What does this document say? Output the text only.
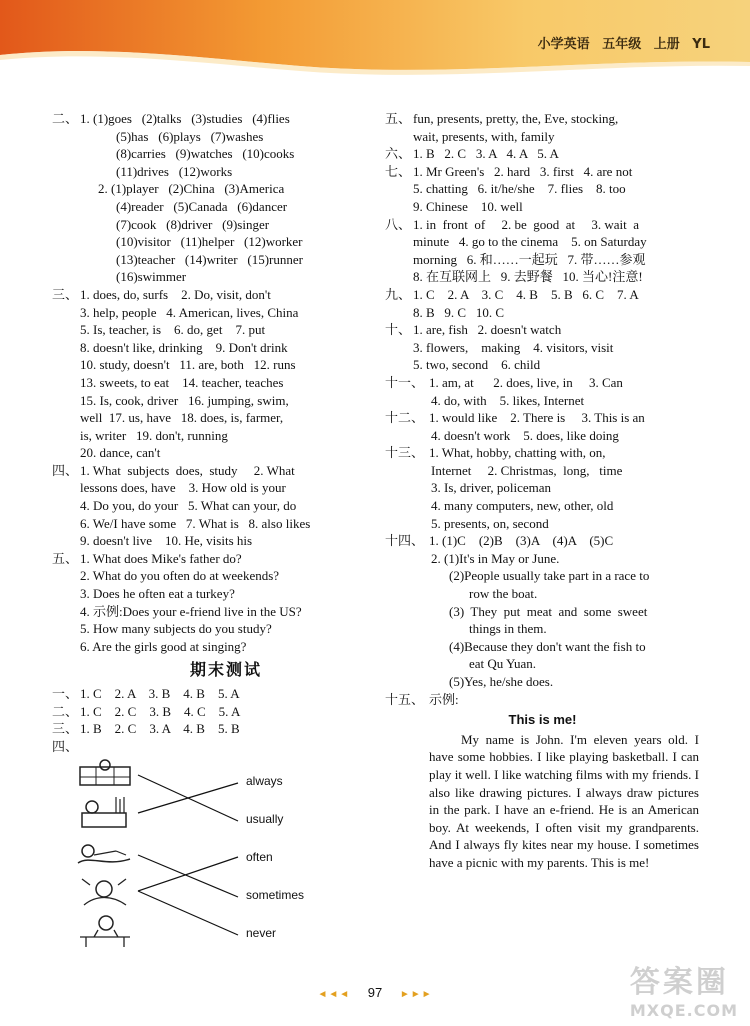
小学英语 五年级 上册 YL
二、 1. (1)goes   (2)talks   (3)studies   (4)flies
(5)has   (6)plays   (7)washes
(8)carries   (9)watches   (10)cooks
(11)drives   (12)works
2. (1)player   (2)China   (3)America
(4)reader   (5)Canada   (6)dancer
(7)cook   (8)driver   (9)singer
(10)visitor   (11)helper   (12)worker
(13)teacher   (14)writer   (15)runner
(16)swimmer
三、 1. does, do, surfs    2. Do, visit, don't
3. help, people   4. American, lives, China
5. Is, teacher, is    6. do, get    7. put
8. doesn't like, drinking    9. Don't drink
10. study, doesn't   11. are, both   12. runs
13. sweets, to eat    14. teacher, teaches
15. Is, cook, driver   16. jumping, swim,
well  17. us, have   18. does, is, farmer,
is, writer   19. don't, running
20. dance, can't
四、 1. What  subjects  does,  study     2. What
lessons does, have    3. How old is your
4. Do you, do your   5. What can your, do
6. We/I have some   7. What is   8. also likes
9. doesn't live    10. He, visits his
五、 1. What does Mike's father do?
2. What do you often do at weekends?
3. Does he often eat a turkey?
4. 示例:Does your e-friend live in the US?
5. How many subjects do you study?
6. Are the girls good at singing?
期末测试
一、 1. C    2. A    3. B    4. B    5. A
二、 1. C    2. C    3. B    4. C    5. A
三、 1. B    2. C    3. A    4. B    5. B
四、
always
usually
often
sometimes
never
五、 fun, presents, pretty, the, Eve, stocking,
wait, presents, with, family
六、 1. B   2. C   3. A   4. A   5. A
七、 1. Mr Green's   2. hard   3. first   4. are not
5. chatting   6. it/he/she    7. flies    8. too
9. Chinese    10. well
八、 1. in  front  of     2. be  good  at     3. wait  a
minute   4. go to the cinema    5. on Saturday
morning   6. 和……一起玩   7. 带……参观
8. 在互联网上   9. 去野餐   10. 当心!注意!
九、 1. C    2. A    3. C    4. B    5. B   6. C    7. A
8. B   9. C   10. C
十、 1. are, fish   2. doesn't watch
3. flowers,    making    4. visitors, visit
5. two, second    6. child
十一、 1. am, at      2. does, live, in     3. Can
4. do, with    5. likes, Internet
十二、 1. would like    2. There is     3. This is an
4. doesn't work    5. does, like doing
十三、 1. What, hobby, chatting with, on,
Internet     2. Christmas,  long,   time
3. Is, driver, policeman
4. many computers, new, other, old
5. presents, on, second
十四、 1. (1)C    (2)B    (3)A    (4)A    (5)C
2. (1)It's in May or June.
(2)People usually take part in a race to
row the boat.
(3)  They  put  meat  and  some  sweet
things in them.
(4)Because they don't want the fish to
eat Qu Yuan.
(5)Yes, he/she does.
十五、 示例:
This is me!
My name is John. I'm eleven years old. I have some hobbies. I like playing basketball. I can play it well. I like watching films with my friends. I also like drawing pictures. I always draw pictures in the park. I have an e-friend. He is an American boy. At weekends, I often visit my grandparents. And I always fly kites near my house. I sometimes have a picnic with my parents. This is me!
◄◄◄ 97 ►►►	答案圈
MXQE.COM
